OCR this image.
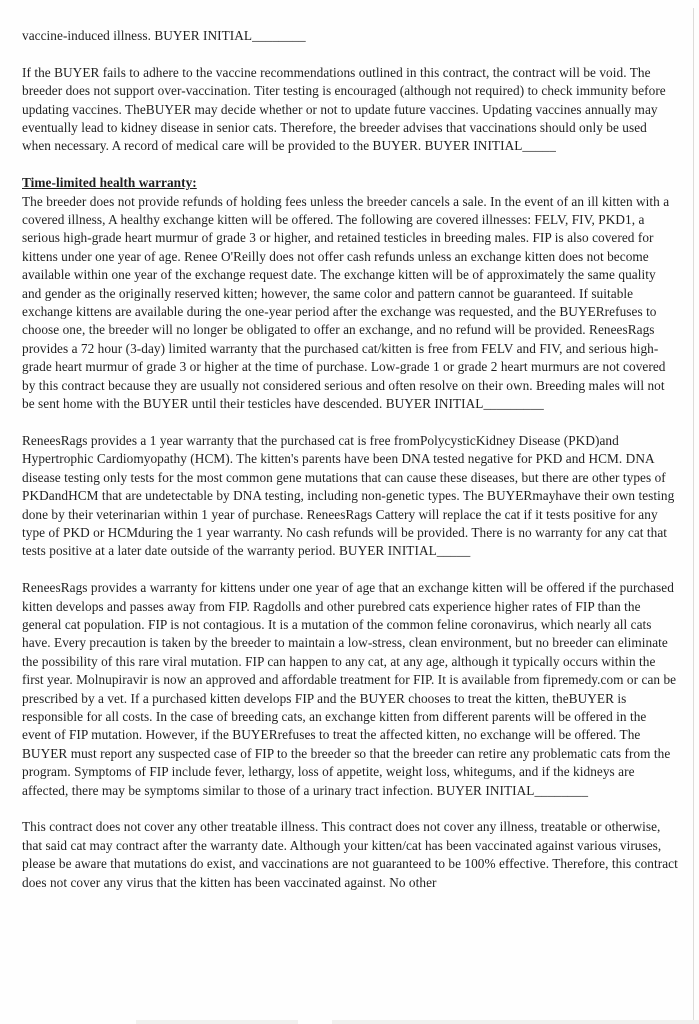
vaccine-induced illness. BUYER INITIAL________

If the BUYER fails to adhere to the vaccine recommendations outlined in this contract, the contract will be void. The breeder does not support over-vaccination. Titer testing is encouraged (although not required) to check immunity before updating vaccines. TheBUYER may decide whether or not to update future vaccines. Updating vaccines annually may eventually lead to kidney disease in senior cats. Therefore, the breeder advises that vaccinations should only be used when necessary. A record of medical care will be provided to the BUYER. BUYER INITIAL_____

Time-limited health warranty:

The breeder does not provide refunds of holding fees unless the breeder cancels a sale. In the event of an ill kitten with a covered illness, A healthy exchange kitten will be offered. The following are covered illnesses: FELV, FIV, PKD1, a serious high-grade heart murmur of grade 3 or higher, and retained testicles in breeding males. FIP is also covered for kittens under one year of age. Renee O'Reilly does not offer cash refunds unless an exchange kitten does not become available within one year of the exchange request date. The exchange kitten will be of approximately the same quality and gender as the originally reserved kitten; however, the same color and pattern cannot be guaranteed. If suitable exchange kittens are available during the one-year period after the exchange was requested, and the BUYERrefuses to choose one, the breeder will no longer be obligated to offer an exchange, and no refund will be provided. ReneesRags provides a 72 hour (3-day) limited warranty that the purchased cat/kitten is free from FELV and FIV, and serious high-grade heart murmur of grade 3 or higher at the time of purchase. Low-grade 1 or grade 2 heart murmurs are not covered by this contract because they are usually not considered serious and often resolve on their own. Breeding males will not be sent home with the BUYER until their testicles have descended. BUYER INITIAL_________

ReneesRags provides a 1 year warranty that the purchased cat is free fromPolycysticKidney Disease (PKD)and Hypertrophic Cardiomyopathy (HCM). The kitten's parents have been DNA tested negative for PKD and HCM. DNA disease testing only tests for the most common gene mutations that can cause these diseases, but there are other types of PKDandHCM that are undetectable by DNA testing, including non-genetic types. The BUYERmayhave their own testing done by their veterinarian within 1 year of purchase. ReneesRags Cattery will replace the cat if it tests positive for any type of PKD or HCMduring the 1 year warranty. No cash refunds will be provided. There is no warranty for any cat that tests positive at a later date outside of the warranty period. BUYER INITIAL_____

ReneesRags provides a warranty for kittens under one year of age that an exchange kitten will be offered if the purchased kitten develops and passes away from FIP. Ragdolls and other purebred cats experience higher rates of FIP than the general cat population. FIP is not contagious. It is a mutation of the common feline coronavirus, which nearly all cats have. Every precaution is taken by the breeder to maintain a low-stress, clean environment, but no breeder can eliminate the possibility of this rare viral mutation. FIP can happen to any cat, at any age, although it typically occurs within the first year. Molnupiravir is now an approved and affordable treatment for FIP. It is available from fipremedy.com or can be prescribed by a vet. If a purchased kitten develops FIP and the BUYER chooses to treat the kitten, theBUYER is responsible for all costs. In the case of breeding cats, an exchange kitten from different parents will be offered in the event of FIP mutation. However, if the BUYERrefuses to treat the affected kitten, no exchange will be offered. The BUYER must report any suspected case of FIP to the breeder so that the breeder can retire any problematic cats from the program. Symptoms of FIP include fever, lethargy, loss of appetite, weight loss, whitegums, and if the kidneys are affected, there may be symptoms similar to those of a urinary tract infection. BUYER INITIAL________

This contract does not cover any other treatable illness. This contract does not cover any illness, treatable or otherwise, that said cat may contract after the warranty date. Although your kitten/cat has been vaccinated against various viruses, please be aware that mutations do exist, and vaccinations are not guaranteed to be 100% effective. Therefore, this contract does not cover any virus that the kitten has been vaccinated against. No other
